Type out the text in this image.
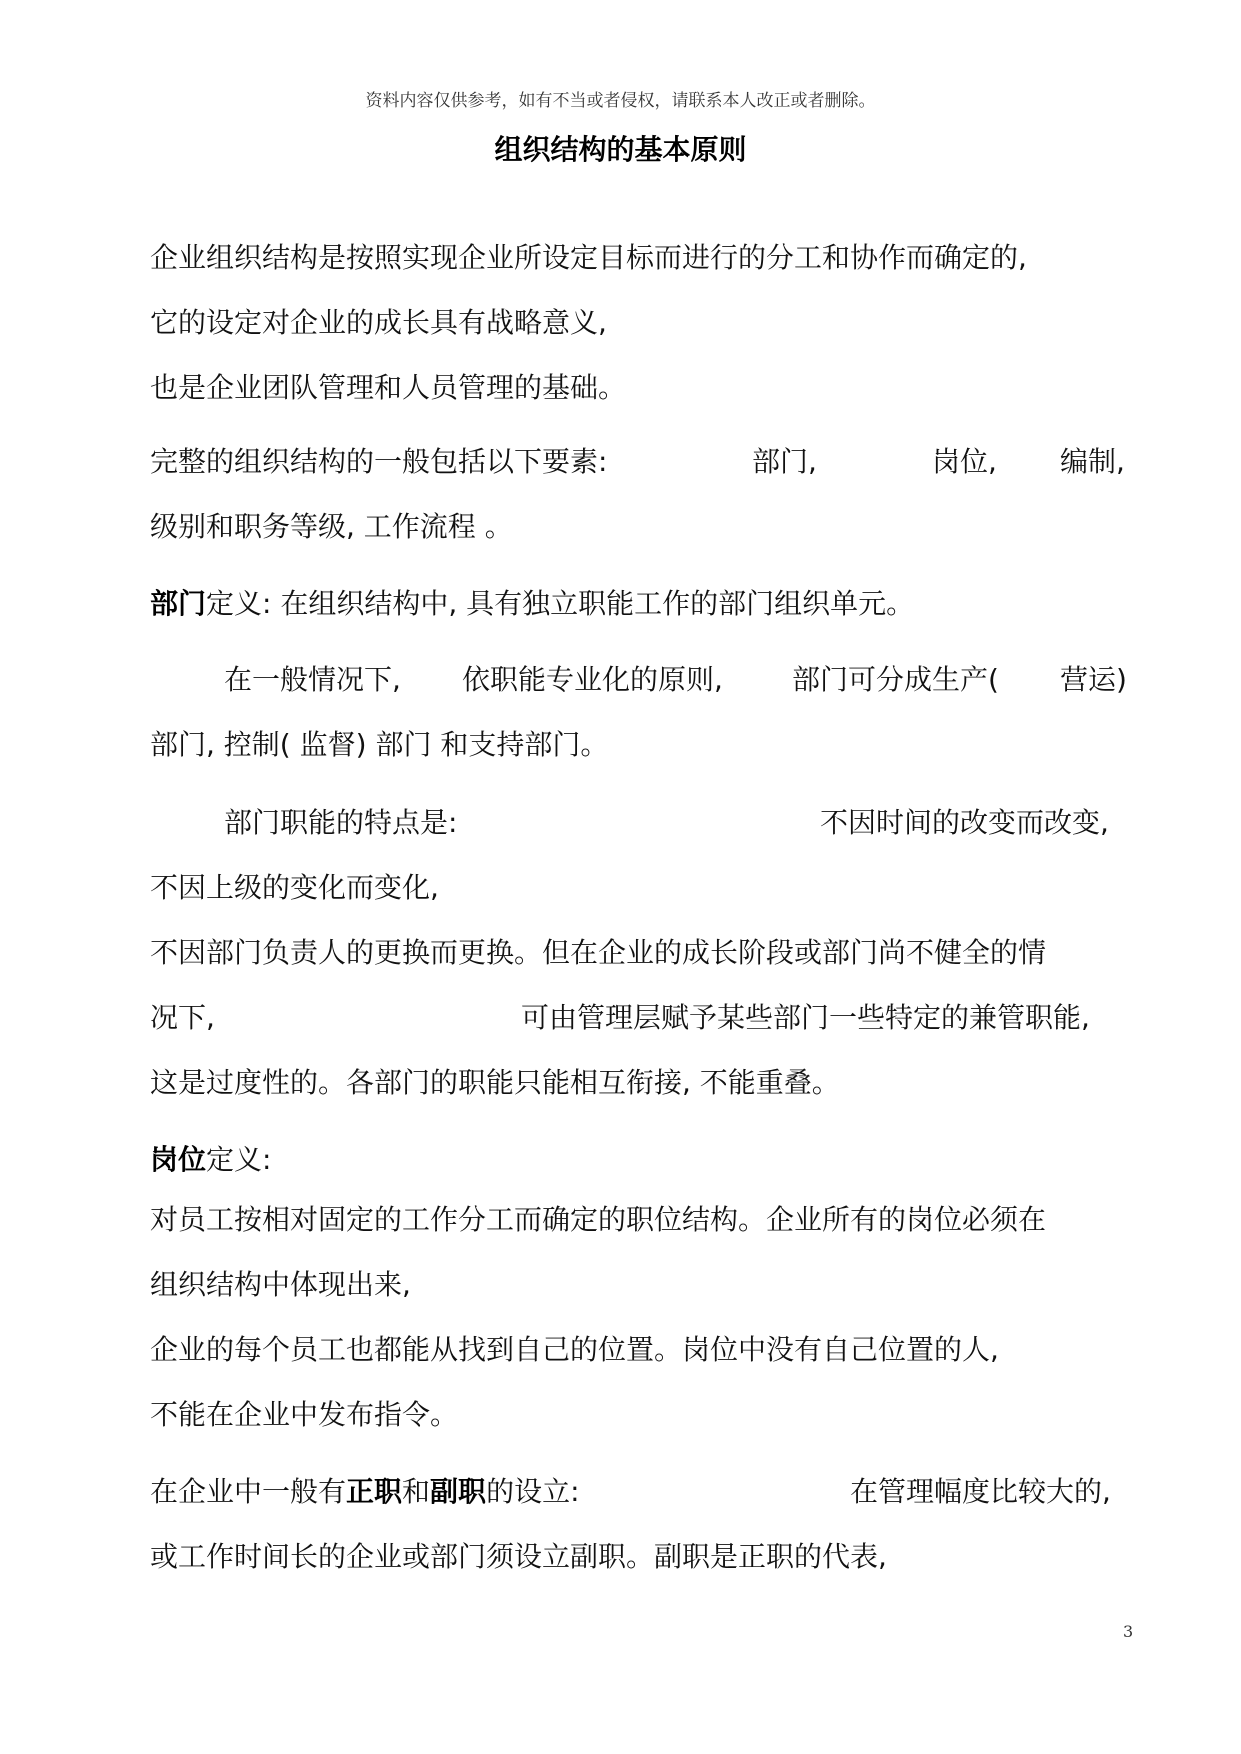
资料内容仅供参考，如有不当或者侵权，请联系本人改正或者删除。
组织结构的基本原则
企业组织结构是按照实现企业所设定目标而进行的分工和协作而确定的,
它的设定对企业的成长具有战略意义,
也是企业团队管理和人员管理的基础。
完整的组织结构的一般包括以下要素:	部门,	岗位, 编制,
级别和职务等级, 工作流程 。
部门定义: 在组织结构中, 具有独立职能工作的部门组织单元。
在一般情况下, 依职能专业化的原则, 部门可分成生产( 营运)
部门, 控制( 监督) 部门 和支持部门。
部门职能的特点是:	不因时间的改变而改变,
不因上级的变化而变化,
不因部门负责人的更换而更换。但在企业的成长阶段或部门尚不健全的情
况下,	可由管理层赋予某些部门一些特定的兼管职能,
这是过度性的。各部门的职能只能相互衔接, 不能重叠。
岗位定义:
对员工按相对固定的工作分工而确定的职位结构。企业所有的岗位必须在
组织结构中体现出来,
企业的每个员工也都能从找到自己的位置。岗位中没有自己位置的人,
不能在企业中发布指令。
在企业中一般有正职和副职的设立:	在管理幅度比较大的,
或工作时间长的企业或部门须设立副职。副职是正职的代表,
3
